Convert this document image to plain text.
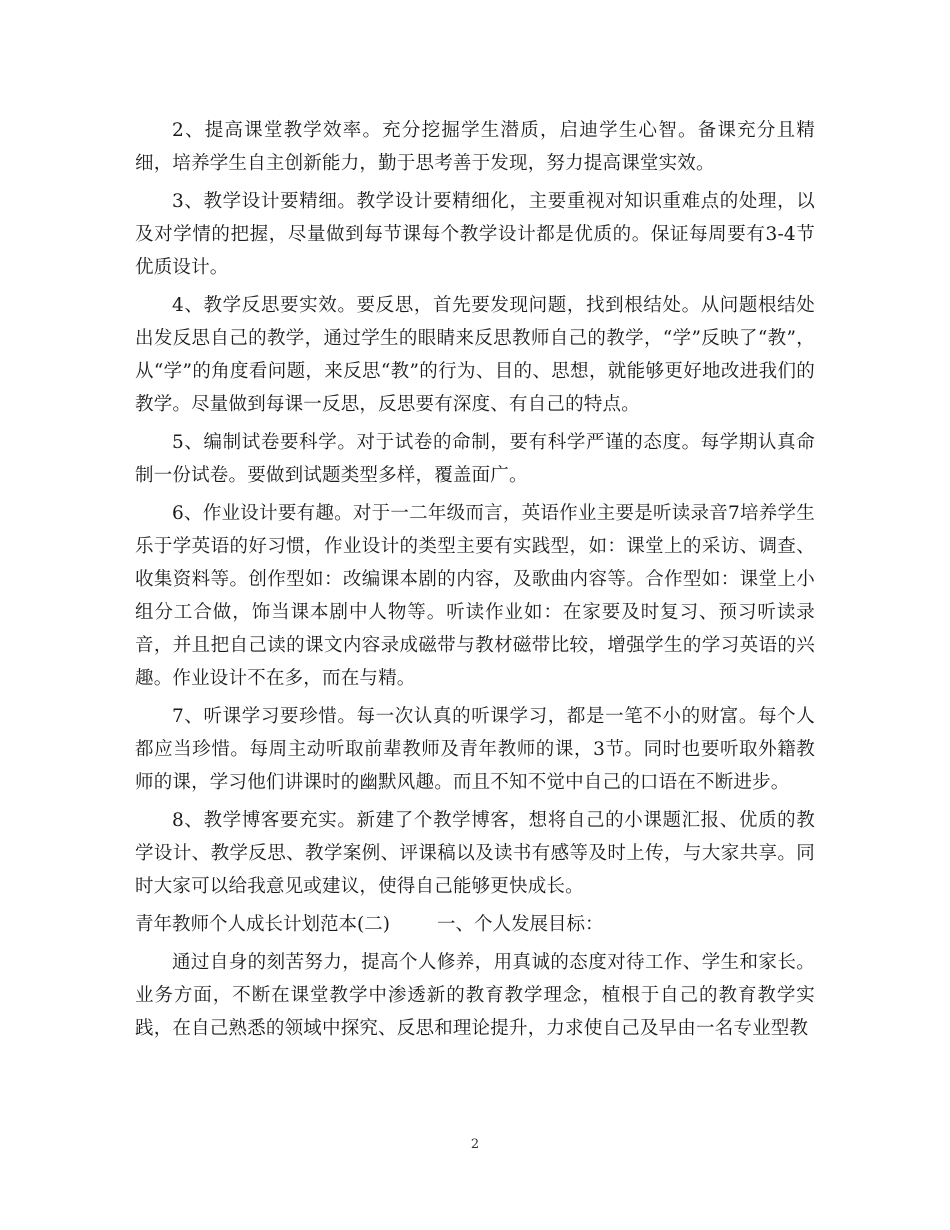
2、提高课堂教学效率。充分挖掘学生潜质，启迪学生心智。备课充分且精细，培养学生自主创新能力，勤于思考善于发现，努力提高课堂实效。

3、教学设计要精细。教学设计要精细化，主要重视对知识重难点的处理，以及对学情的把握，尽量做到每节课每个教学设计都是优质的。保证每周要有3-4节优质设计。

4、教学反思要实效。要反思，首先要发现问题，找到根结处。从问题根结处出发反思自己的教学，通过学生的眼睛来反思教师自己的教学，“学”反映了“教”，从“学”的角度看问题，来反思“教”的行为、目的、思想，就能够更好地改进我们的教学。尽量做到每课一反思，反思要有深度、有自己的特点。

5、编制试卷要科学。对于试卷的命制，要有科学严谨的态度。每学期认真命制一份试卷。要做到试题类型多样，覆盖面广。

6、作业设计要有趣。对于一二年级而言，英语作业主要是听读录音7培养学生乐于学英语的好习惯，作业设计的类型主要有实践型，如：课堂上的采访、调查、收集资料等。创作型如：改编课本剧的内容，及歌曲内容等。合作型如：课堂上小组分工合做，饰当课本剧中人物等。听读作业如：在家要及时复习、预习听读录音，并且把自己读的课文内容录成磁带与教材磁带比较，增强学生的学习英语的兴趣。作业设计不在多，而在与精。

7、听课学习要珍惜。每一次认真的听课学习，都是一笔不小的财富。每个人都应当珍惜。每周主动听取前辈教师及青年教师的课，3节。同时也要听取外籍教师的课，学习他们讲课时的幽默风趣。而且不知不觉中自己的口语在不断进步。

8、教学博客要充实。新建了个教学博客，想将自己的小课题汇报、优质的教学设计、教学反思、教学案例、评课稿以及读书有感等及时上传，与大家共享。同时大家可以给我意见或建议，使得自己能够更快成长。

青年教师个人成长计划范本(二)	一、个人发展目标：

通过自身的刻苦努力，提高个人修养，用真诚的态度对待工作、学生和家长。业务方面，不断在课堂教学中渗透新的教育教学理念，植根于自己的教育教学实践，在自己熟悉的领域中探究、反思和理论提升，力求使自己及早由一名专业型教

2
